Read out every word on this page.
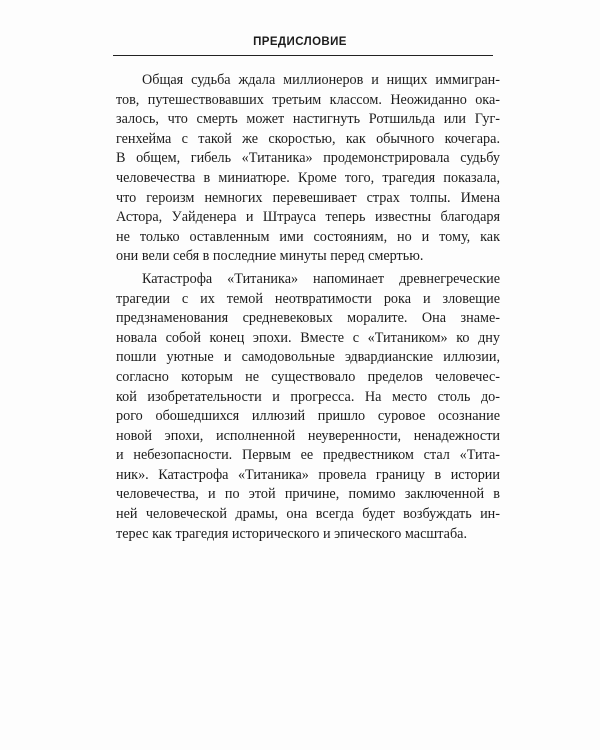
ПРЕДИСЛОВИЕ

Общая судьба ждала миллионеров и нищих иммигран-
тов, путешествовавших третьим классом. Неожиданно ока-
залось, что смерть может настигнуть Ротшильда или Гуг-
генхейма с такой же скоростью, как обычного кочегара.
В общем, гибель «Титаника» продемонстрировала судьбу
человечества в миниатюре. Кроме того, трагедия показала,
что героизм немногих перевешивает страх толпы. Имена
Астора, Уайденера и Штрауса теперь известны благодаря
не только оставленным ими состояниям, но и тому, как
они вели себя в последние минуты перед смертью.

Катастрофа «Титаника» напоминает древнегреческие
трагедии с их темой неотвратимости рока и зловещие
предзнаменования средневековых моралите. Она знаме-
новала собой конец эпохи. Вместе с «Титаником» ко дну
пошли уютные и самодовольные эдвардианские иллюзии,
согласно которым не существовало пределов человечес-
кой изобретательности и прогресса. На место столь до-
рого обошедшихся иллюзий пришло суровое осознание
новой эпохи, исполненной неуверенности, ненадежности
и небезопасности. Первым ее предвестником стал «Тита-
ник». Катастрофа «Титаника» провела границу в истории
человечества, и по этой причине, помимо заключенной в
ней человеческой драмы, она всегда будет возбуждать ин-
терес как трагедия исторического и эпического масштаба.
